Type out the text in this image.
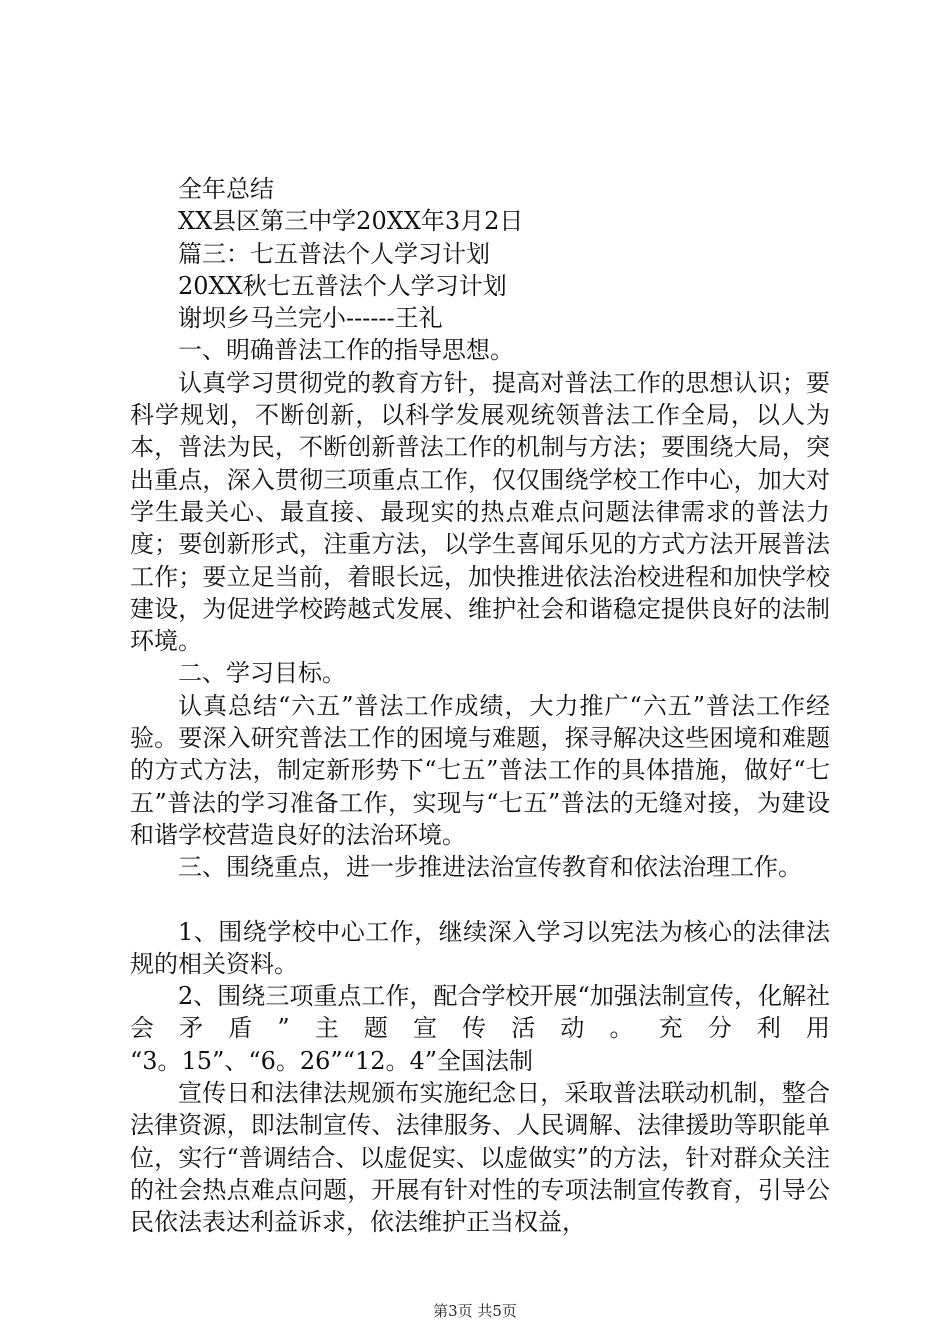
全年总结

XX县区第三中学20XX年3月2日

篇三：七五普法个人学习计划

20XX秋七五普法个人学习计划

谢坝乡马兰完小------王礼

一、明确普法工作的指导思想。

认真学习贯彻党的教育方针，提高对普法工作的思想认识；要科学规划，不断创新，以科学发展观统领普法工作全局，以人为本，普法为民，不断创新普法工作的机制与方法；要围绕大局，突出重点，深入贯彻三项重点工作，仅仅围绕学校工作中心，加大对学生最关心、最直接、最现实的热点难点问题法律需求的普法力度；要创新形式，注重方法，以学生喜闻乐见的方式方法开展普法工作；要立足当前，着眼长远，加快推进依法治校进程和加快学校建设，为促进学校跨越式发展、维护社会和谐稳定提供良好的法制环境。

二、学习目标。

认真总结“六五”普法工作成绩，大力推广“六五”普法工作经验。要深入研究普法工作的困境与难题，探寻解决这些困境和难题的方式方法，制定新形势下“七五”普法工作的具体措施，做好“七五”普法的学习准备工作，实现与“七五”普法的无缝对接，为建设和谐学校营造良好的法治环境。

三、围绕重点，进一步推进法治宣传教育和依法治理工作。

1、围绕学校中心工作，继续深入学习以宪法为核心的法律法规的相关资料。

2、围绕三项重点工作，配合学校开展“加强法制宣传，化解社会矛盾”主题宣传活动。充分利用

“3。15”、“6。26”“12。4”全国法制

宣传日和法律法规颁布实施纪念日，采取普法联动机制，整合法律资源，即法制宣传、法律服务、人民调解、法律援助等职能单位，实行“普调结合、以虚促实、以虚做实”的方法，针对群众关注的社会热点难点问题，开展有针对性的专项法制宣传教育，引导公民依法表达利益诉求，依法维护正当权益，

第3页 共5页
